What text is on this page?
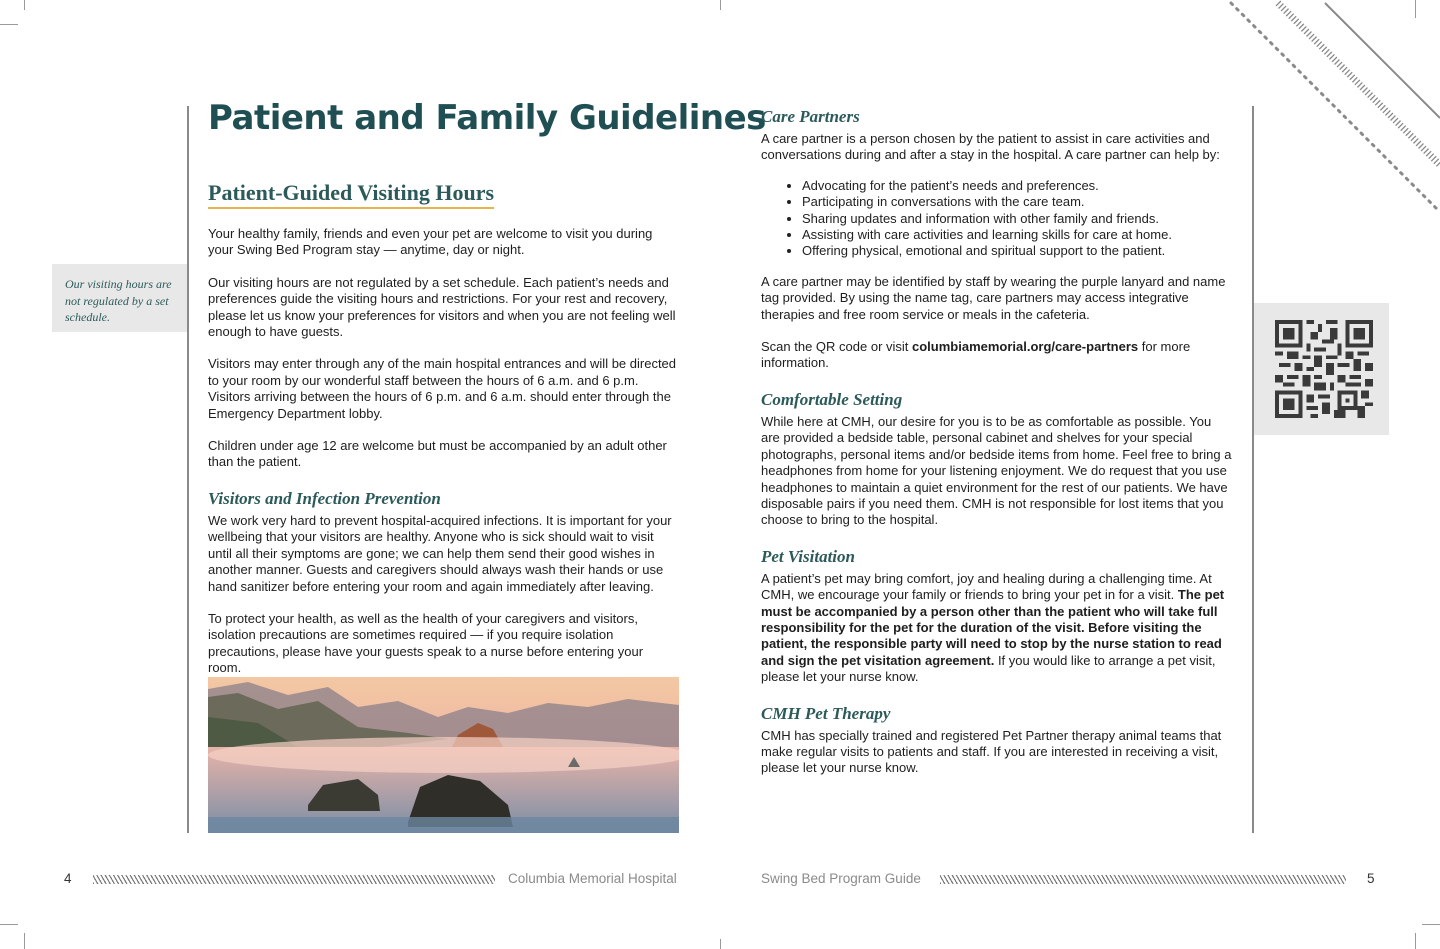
Patient and Family Guidelines
Patient-Guided Visiting Hours

Our visiting hours are not regulated by a set schedule.

Your healthy family, friends and even your pet are welcome to visit you during your Swing Bed Program stay — anytime, day or night.

Our visiting hours are not regulated by a set schedule. Each patient’s needs and preferences guide the visiting hours and restrictions. For your rest and recovery, please let us know your preferences for visitors and when you are not feeling well enough to have guests.

Visitors may enter through any of the main hospital entrances and will be directed to your room by our wonderful staff between the hours of 6 a.m. and 6 p.m. Visitors arriving between the hours of 6 p.m. and 6 a.m. should enter through the Emergency Department lobby.

Children under age 12 are welcome but must be accompanied by an adult other than the patient.

Visitors and Infection Prevention

We work very hard to prevent hospital-acquired infections. It is important for your wellbeing that your visitors are healthy. Anyone who is sick should wait to visit until all their symptoms are gone; we can help them send their good wishes in another manner. Guests and caregivers should always wash their hands or use hand sanitizer before entering your room and again immediately after leaving.

To protect your health, as well as the health of your caregivers and visitors, isolation precautions are sometimes required — if you require isolation precautions, please have your guests speak to a nurse before entering your room.

4	Columbia Memorial Hospital
Care Partners

A care partner is a person chosen by the patient to assist in care activities and conversations during and after a stay in the hospital. A care partner can help by:

• Advocating for the patient’s needs and preferences.
• Participating in conversations with the care team.
• Sharing updates and information with other family and friends.
• Assisting with care activities and learning skills for care at home.
• Offering physical, emotional and spiritual support to the patient.

A care partner may be identified by staff by wearing the purple lanyard and name tag provided. By using the name tag, care partners may access integrative therapies and free room service or meals in the cafeteria.

Scan the QR code or visit columbiamemorial.org/care-partners for more information.

Comfortable Setting

While here at CMH, our desire for you is to be as comfortable as possible. You are provided a bedside table, personal cabinet and shelves for your special photographs, personal items and/or bedside items from home. Feel free to bring a headphones from home for your listening enjoyment. We do request that you use headphones to maintain a quiet environment for the rest of our patients. We have disposable pairs if you need them. CMH is not responsible for lost items that you choose to bring to the hospital.

Pet Visitation

A patient’s pet may bring comfort, joy and healing during a challenging time. At CMH, we encourage your family or friends to bring your pet in for a visit. The pet must be accompanied by a person other than the patient who will take full responsibility for the pet for the duration of the visit. Before visiting the patient, the responsible party will need to stop by the nurse station to read and sign the pet visitation agreement. If you would like to arrange a pet visit, please let your nurse know.

CMH Pet Therapy

CMH has specially trained and registered Pet Partner therapy animal teams that make regular visits to patients and staff. If you are interested in receiving a visit, please let your nurse know.

Swing Bed Program Guide	5
